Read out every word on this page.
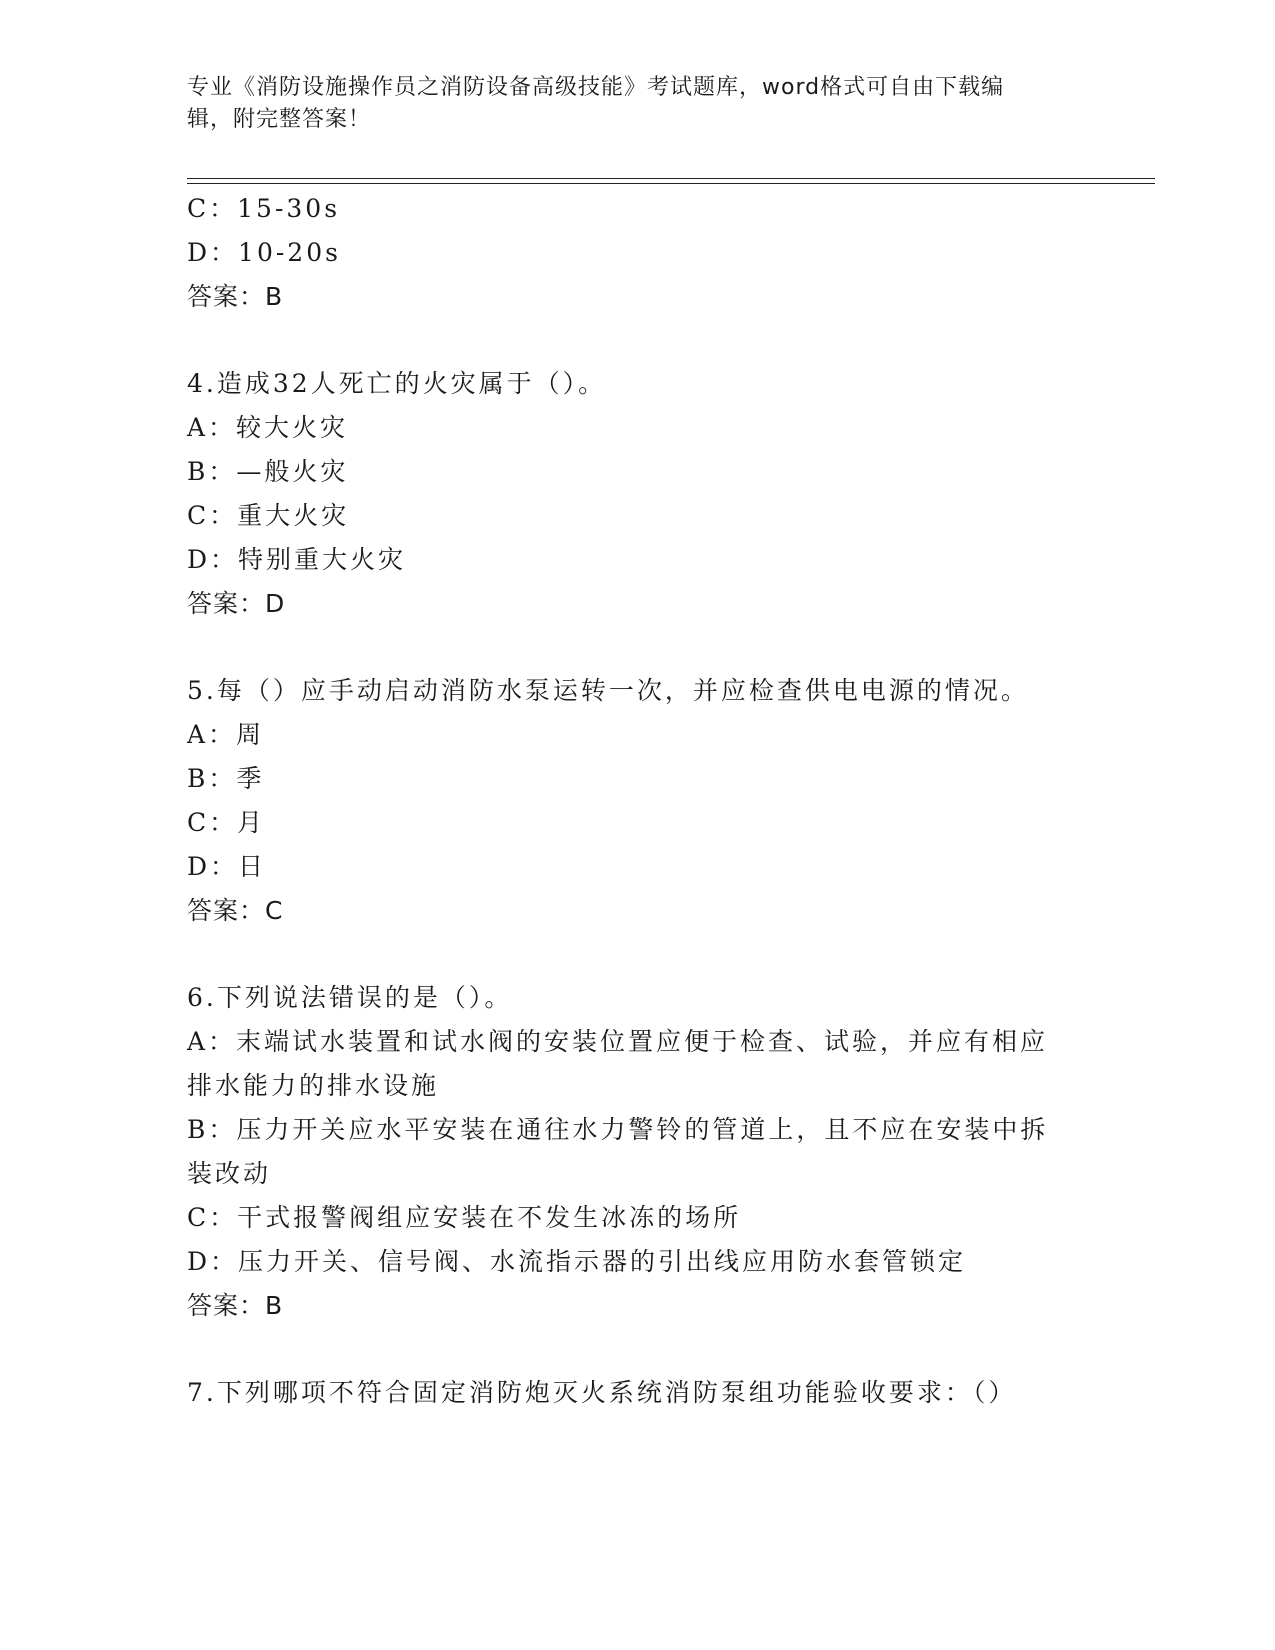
专业《消防设施操作员之消防设备高级技能》考试题库，word格式可自由下载编
辑，附完整答案！
C：15-30s
D：10-20s
答案：B
4.造成32人死亡的火灾属于（）。
A：较大火灾
B：—般火灾
C：重大火灾
D：特别重大火灾
答案：D
5.每（）应手动启动消防水泵运转一次，并应检查供电电源的情况。
A：周
B：季
C：月
D：日
答案：C
6.下列说法错误的是（）。
A：末端试水装置和试水阀的安装位置应便于检查、试验，并应有相应
排水能力的排水设施
B：压力开关应水平安装在通往水力警铃的管道上，且不应在安装中拆
装改动
C：干式报警阀组应安装在不发生冰冻的场所
D：压力开关、信号阀、水流指示器的引出线应用防水套管锁定
答案：B
7.下列哪项不符合固定消防炮灭火系统消防泵组功能验收要求：（）
